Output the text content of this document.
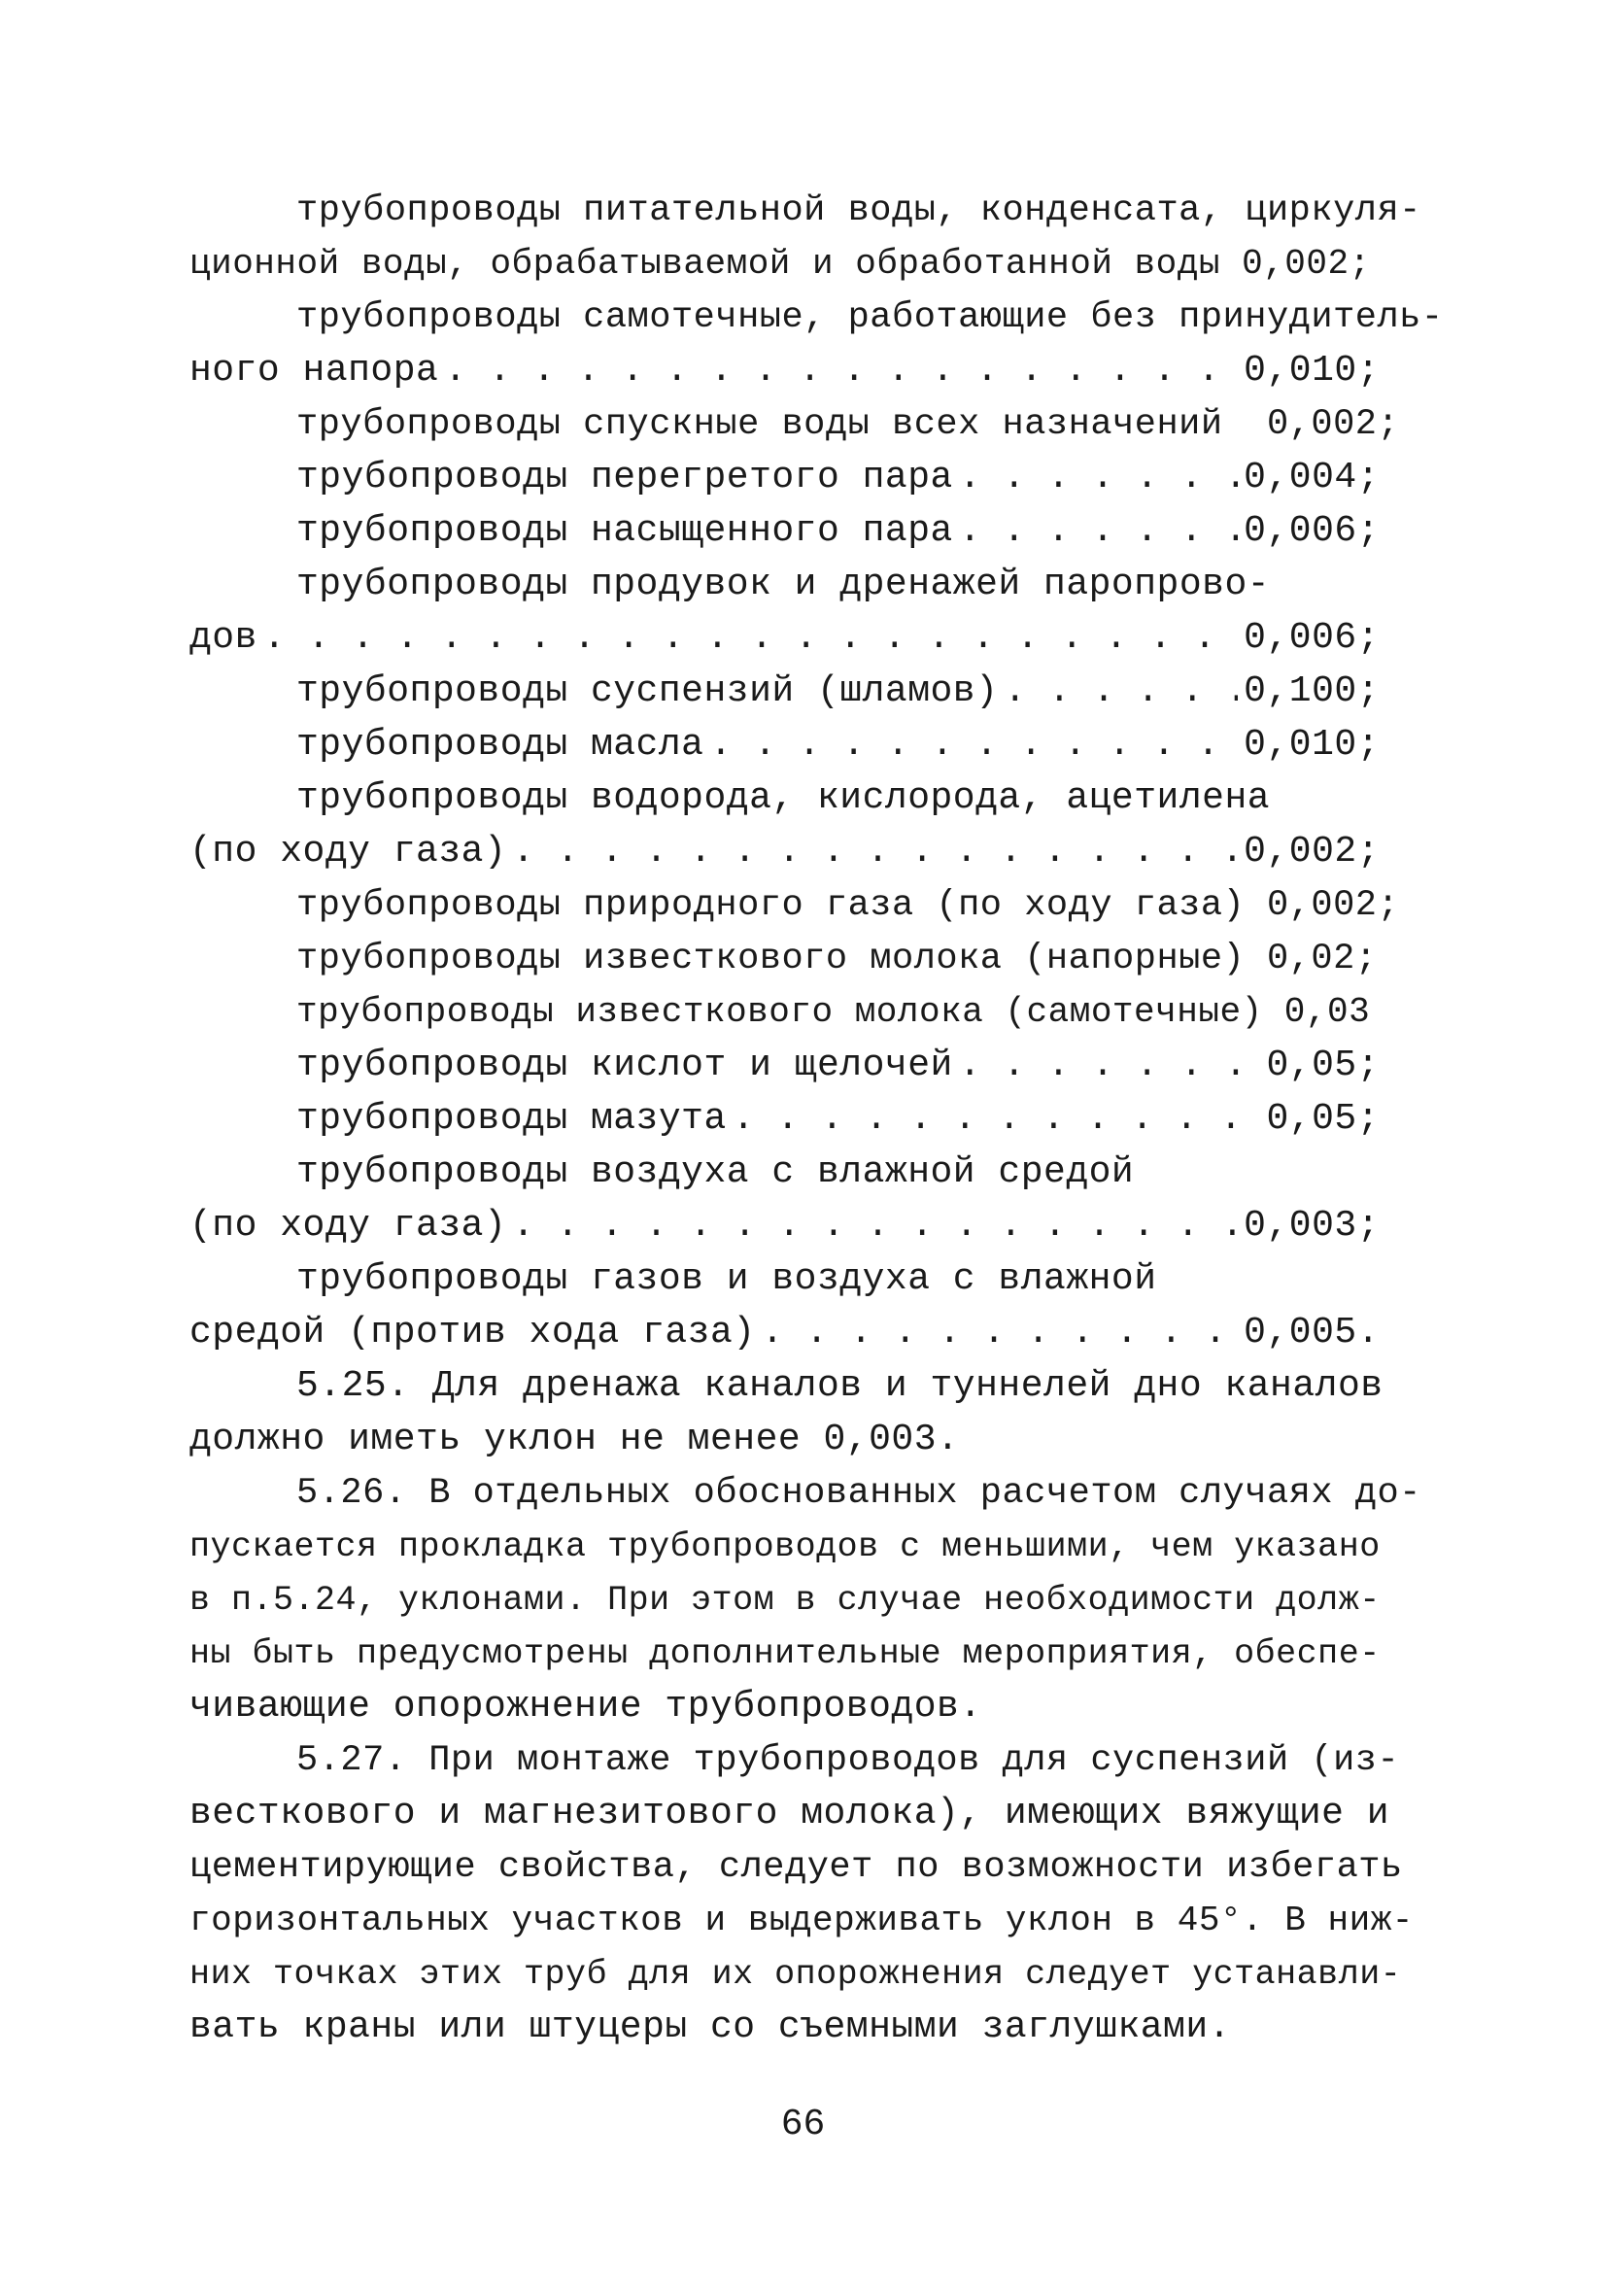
трубопроводы питательной воды, конденсата, циркуля-
ционной воды, обрабатываемой и обработанной воды 0,002;
трубопроводы самотечные, работающие без принудитель-
ного напора . . .	0,010;
трубопроводы спускные воды всех назначений  0,002;
трубопроводы перегретого пара . . .	0,004;
трубопроводы насыщенного пара . . .	0,006;
трубопроводы продувок и дренажей паропрово-
дов . . .	0,006;
трубопроводы суспензий (шламов) . . .	0,100;
трубопроводы масла . . .	0,010;
трубопроводы водорода, кислорода, ацетилена
(по ходу газа) . . .	0,002;
трубопроводы природного газа (по ходу газа) 0,002;
трубопроводы известкового молока (напорные) 0,02;
трубопроводы известкового молока (самотечные) 0,03
трубопроводы кислот и щелочей . . .	0,05;
трубопроводы мазута . . .	0,05;
трубопроводы воздуха с влажной средой
(по ходу газа) . . .	0,003;
трубопроводы газов и воздуха с влажной
средой (против хода газа) . . .	0,005.
5.25. Для дренажа каналов и туннелей дно каналов
должно иметь уклон не менее 0,003.
5.26. В отдельных обоснованных расчетом случаях до-
пускается прокладка трубопроводов с меньшими, чем указано
в п.5.24, уклонами. При этом в случае необходимости долж-
ны быть предусмотрены дополнительные мероприятия, обеспе-
чивающие опорожнение трубопроводов.
5.27. При монтаже трубопроводов для суспензий (из-
весткового и магнезитового молока), имеющих вяжущие и
цементирующие свойства, следует по возможности избегать
горизонтальных участков и выдерживать уклон в 45°. В ниж-
них точках этих труб для их опорожнения следует устанавли-
вать краны или штуцеры со съемными заглушками.
66
